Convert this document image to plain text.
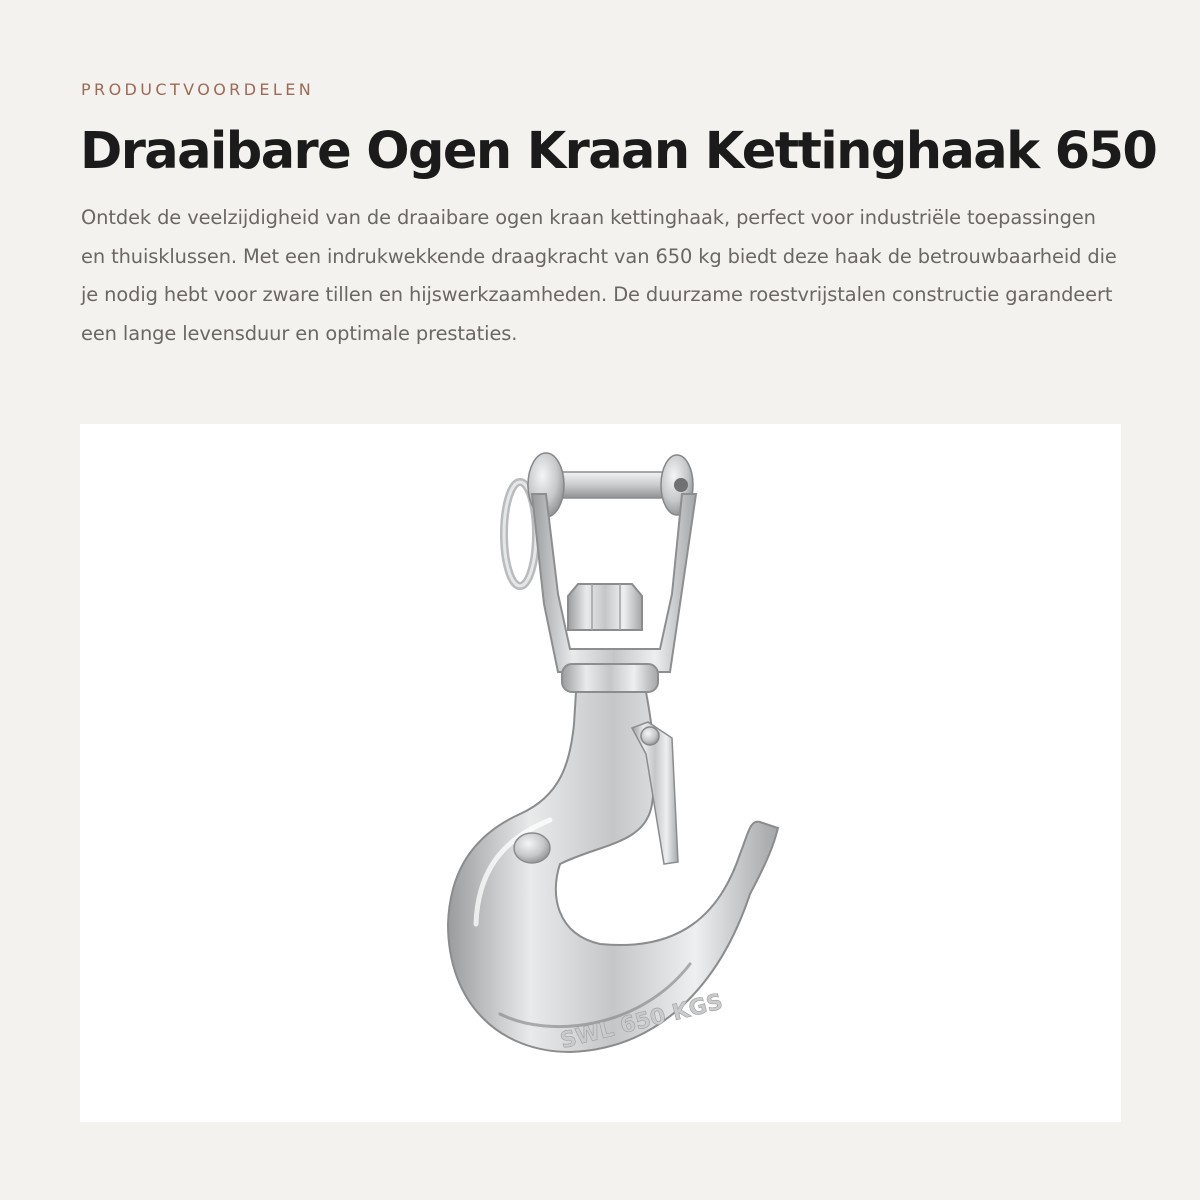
PRODUCTVOORDELEN
Draaibare Ogen Kraan Kettinghaak 650

Ontdek de veelzijdigheid van de draaibare ogen kraan kettinghaak, perfect voor industriële toepassingen en thuisklussen. Met een indrukwekkende draagkracht van 650 kg biedt deze haak de betrouwbaarheid die je nodig hebt voor zware tillen en hijswerkzaamheden. De duurzame roestvrijstalen constructie garandeert een lange levensduur en optimale prestaties.

SWL 650 KGS
